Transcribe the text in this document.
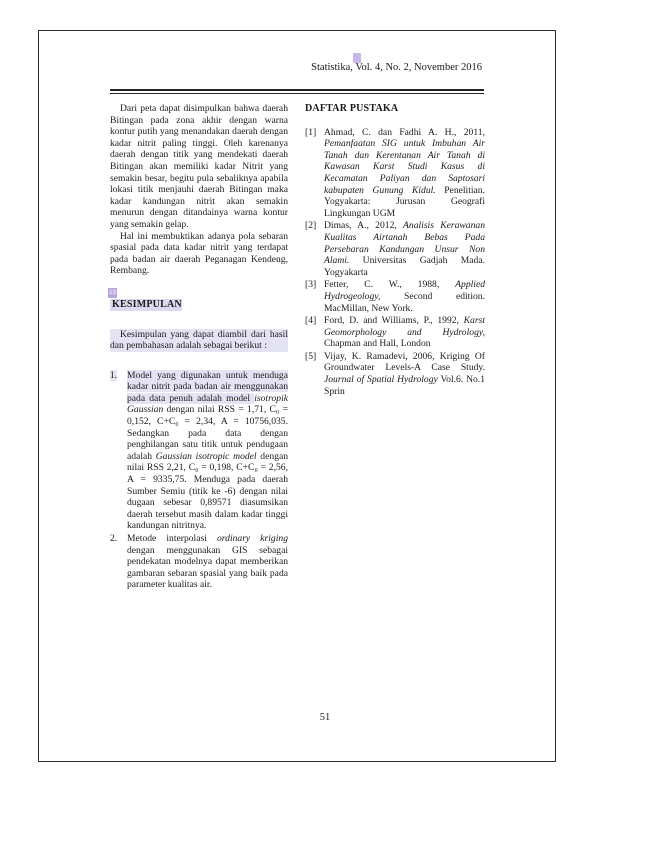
Statistika, Vol. 4, No. 2, November 2016

Dari peta dapat disimpulkan bahwa daerah Bitingan pada zona akhir dengan warna kontur putih yang menandakan daerah dengan kadar nitrit paling tinggi. Oleh karenanya daerah dengan titik yang mendekati daerah Bitingan akan memiliki kadar Nitrit yang semakin besar, begitu pula sebaliknya apabila lokasi titik menjauhi daerah Bitingan maka kadar kandungan nitrit akan semakin menurun dengan ditandainya warna kontur yang semakin gelap.

Hal ini membuktikan adanya pola sebaran spasial pada data kadar nitrit yang terdapat pada badan air daerah Peganagan Kendeng, Rembang.

13
KESIMPULAN

Kesimpulan yang dapat diambil dari hasil dan pembahasan adalah sebagai berikut :

1. Model yang digunakan untuk menduga kadar nitrit pada badan air menggunakan pada data penuh adalah model isotropik Gaussian dengan nilai RSS = 1,71, C₀ = 0,152, C+C₀ = 2,34, A = 10756,035. Sedangkan pada data dengan penghilangan satu titik untuk pendugaan adalah Gaussian isotropic model dengan nilai RSS 2,21, C₀ = 0,198, C+C₀ = 2,56, A = 9335,75. Menduga pada daerah Sumber Semiu (titik ke -6) dengan nilai dugaan sebesar 0,89571 diasumsikan daerah tersebut masih dalam kadar tinggi kandungan nitritnya.
2. Metode interpolasi ordinary kriging dengan menggunakan GIS sebagai pendekatan modelnya dapat memberikan gambaran sebaran spasial yang baik pada parameter kualitas air.
DAFTAR PUSTAKA
[1] Ahmad, C. dan Fadhi A. H., 2011, Pemanfaatan SIG untuk Imbuhan Air Tanah dan Kerentanan Air Tanah di Kawasan Karst Studi Kasus di Kecamatan Paliyan dan Saptosari kabupaten Gunung Kidul. Penelitian. Yogyakarta: Jurusan Geografi Lingkungan UGM
[2] Dimas, A., 2012, Analisis Kerawanan Kualitas Airtanah Bebas Pada Persebaran Kandungan Unsur Non Alami. Universitas Gadjah Mada. Yogyakarta
[3] Fetter, C. W., 1988, Applied Hydrogeology, Second edition. MacMillan, New York.
[4] Ford, D. and Williams, P., 1992, Karst Geomorphology and Hydrology, Chapman and Hall, London
[5] Vijay, K. Ramadevi, 2006, Kriging Of Groundwater Levels-A Case Study. Journal of Spatial Hydrology Vol.6. No.1 Sprin
51
